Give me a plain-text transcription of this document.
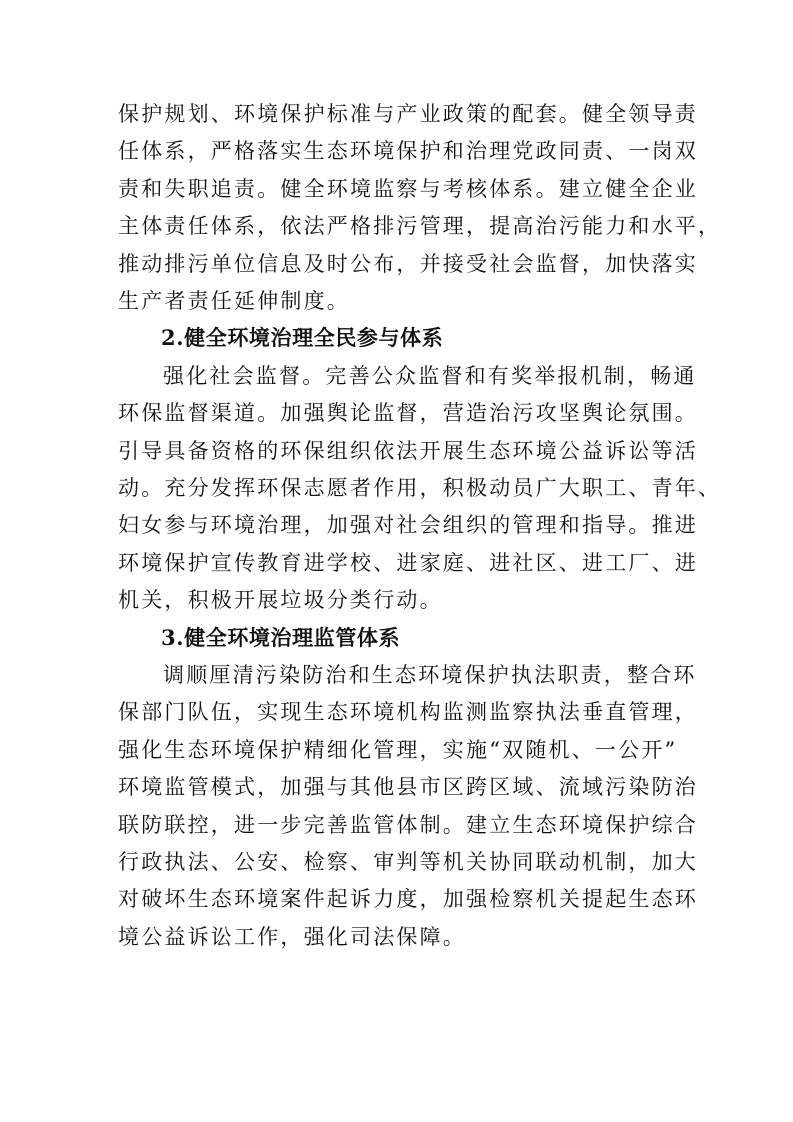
保护规划、环境保护标准与产业政策的配套。健全领导责
任体系，严格落实生态环境保护和治理党政同责、一岗双
责和失职追责。健全环境监察与考核体系。建立健全企业
主体责任体系，依法严格排污管理，提高治污能力和水平，
推动排污单位信息及时公布，并接受社会监督，加快落实
生产者责任延伸制度。
2.健全环境治理全民参与体系
强化社会监督。完善公众监督和有奖举报机制，畅通
环保监督渠道。加强舆论监督，营造治污攻坚舆论氛围。
引导具备资格的环保组织依法开展生态环境公益诉讼等活
动。充分发挥环保志愿者作用，积极动员广大职工、青年、
妇女参与环境治理，加强对社会组织的管理和指导。推进
环境保护宣传教育进学校、进家庭、进社区、进工厂、进
机关，积极开展垃圾分类行动。
3.健全环境治理监管体系
调顺厘清污染防治和生态环境保护执法职责，整合环
保部门队伍，实现生态环境机构监测监察执法垂直管理，
强化生态环境保护精细化管理，实施“双随机、一公开”
环境监管模式，加强与其他县市区跨区域、流域污染防治
联防联控，进一步完善监管体制。建立生态环境保护综合
行政执法、公安、检察、审判等机关协同联动机制，加大
对破坏生态环境案件起诉力度，加强检察机关提起生态环
境公益诉讼工作，强化司法保障。
